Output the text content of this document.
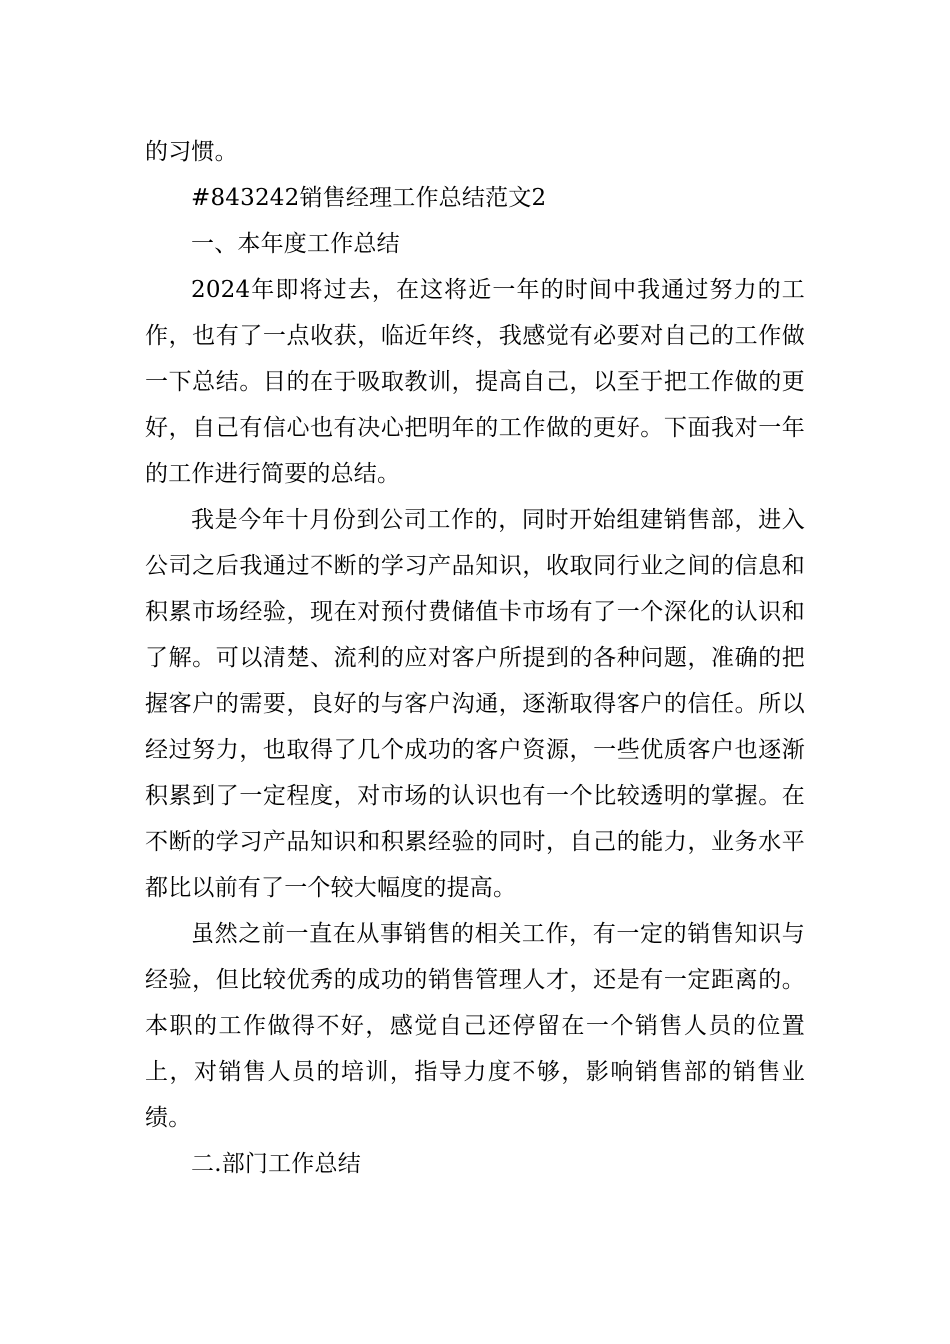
的习惯。

#843242销售经理工作总结范文2

一、本年度工作总结

2024年即将过去，在这将近一年的时间中我通过努力的工作，也有了一点收获，临近年终，我感觉有必要对自己的工作做一下总结。目的在于吸取教训，提高自己，以至于把工作做的更好，自己有信心也有决心把明年的工作做的更好。下面我对一年的工作进行简要的总结。

我是今年十月份到公司工作的，同时开始组建销售部，进入公司之后我通过不断的学习产品知识，收取同行业之间的信息和积累市场经验，现在对预付费储值卡市场有了一个深化的认识和了解。可以清楚、流利的应对客户所提到的各种问题，准确的把握客户的需要，良好的与客户沟通，逐渐取得客户的信任。所以经过努力，也取得了几个成功的客户资源，一些优质客户也逐渐积累到了一定程度，对市场的认识也有一个比较透明的掌握。在不断的学习产品知识和积累经验的同时，自己的能力，业务水平都比以前有了一个较大幅度的提高。

虽然之前一直在从事销售的相关工作，有一定的销售知识与经验，但比较优秀的成功的销售管理人才，还是有一定距离的。本职的工作做得不好，感觉自己还停留在一个销售人员的位置上，对销售人员的培训，指导力度不够，影响销售部的销售业绩。

二.部门工作总结
